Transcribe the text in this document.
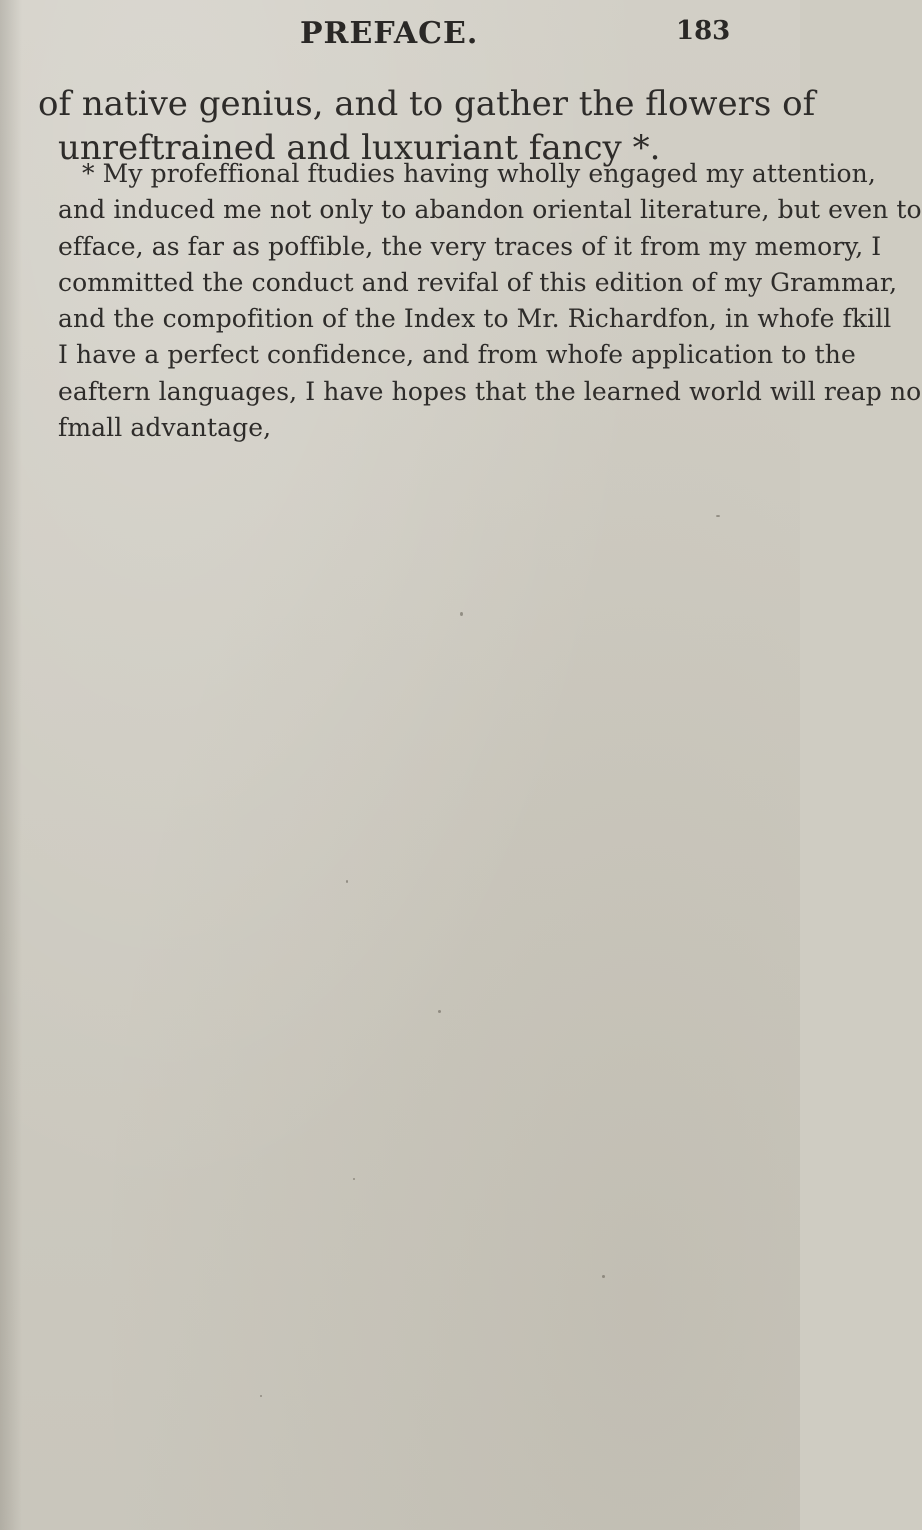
PREFACE.	183
of native genius, and to gather the flowers of
unreftrained and luxuriant fancy *.
* My profeffional ftudies having wholly engaged my attention,
and induced me not only to abandon oriental literature, but even to
efface, as far as poffible, the very traces of it from my memory, I
committed the conduct and revifal of this edition of my Grammar,
and the compofition of the Index to Mr. Richardfon, in whofe fkill
I have a perfect confidence, and from whofe application to the
eaftern languages, I have hopes that the learned world will reap no
fmall advantage,
